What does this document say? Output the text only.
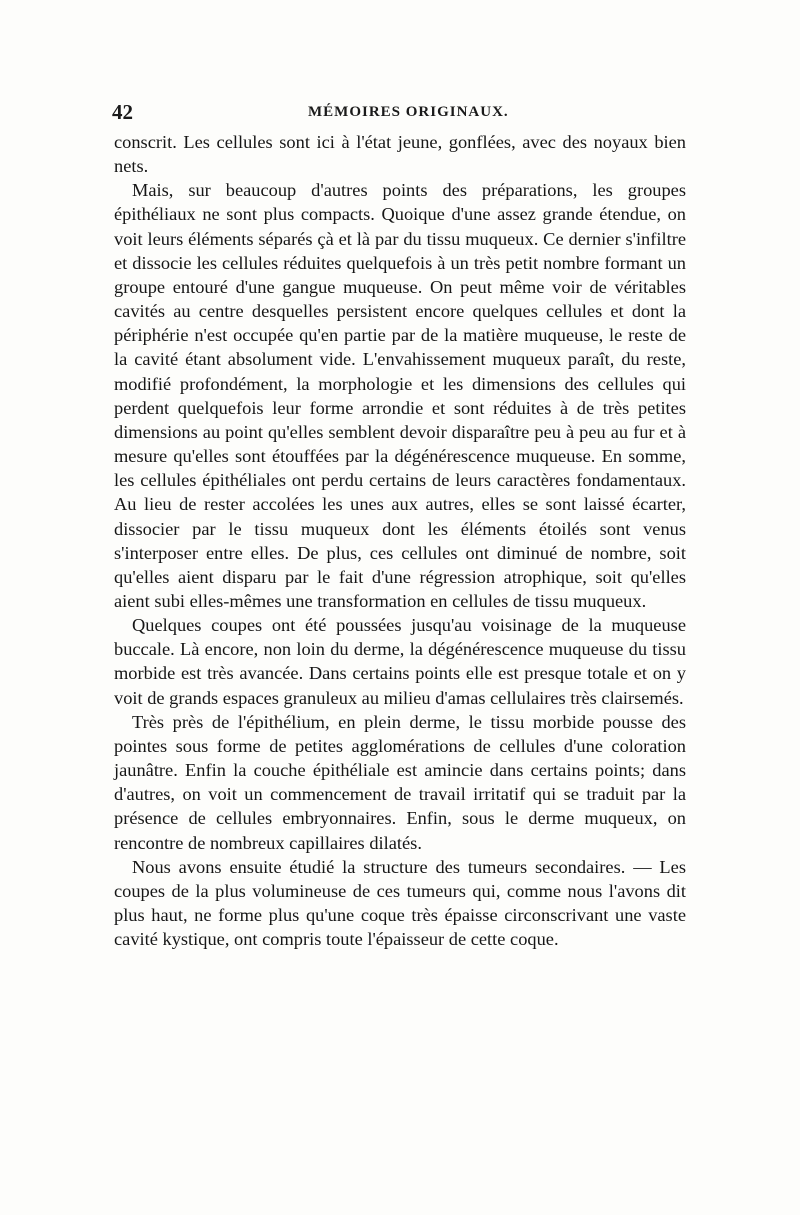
42	MÉMOIRES ORIGINAUX.

conscrit. Les cellules sont ici à l'état jeune, gonflées, avec des noyaux bien nets.

Mais, sur beaucoup d'autres points des préparations, les groupes épithéliaux ne sont plus compacts. Quoique d'une assez grande étendue, on voit leurs éléments séparés çà et là par du tissu muqueux. Ce dernier s'infiltre et dissocie les cellules réduites quelquefois à un très petit nombre formant un groupe entouré d'une gangue muqueuse. On peut même voir de véritables cavités au centre desquelles persistent encore quelques cellules et dont la périphérie n'est occupée qu'en partie par de la matière muqueuse, le reste de la cavité étant absolument vide. L'envahissement muqueux paraît, du reste, modifié profondément, la morphologie et les dimensions des cellules qui perdent quelquefois leur forme arrondie et sont réduites à de très petites dimensions au point qu'elles semblent devoir disparaître peu à peu au fur et à mesure qu'elles sont étouffées par la dégénérescence muqueuse. En somme, les cellules épithéliales ont perdu certains de leurs caractères fondamentaux. Au lieu de rester accolées les unes aux autres, elles se sont laissé écarter, dissocier par le tissu muqueux dont les éléments étoilés sont venus s'interposer entre elles. De plus, ces cellules ont diminué de nombre, soit qu'elles aient disparu par le fait d'une régression atrophique, soit qu'elles aient subi elles-mêmes une transformation en cellules de tissu muqueux.

Quelques coupes ont été poussées jusqu'au voisinage de la muqueuse buccale. Là encore, non loin du derme, la dégénérescence muqueuse du tissu morbide est très avancée. Dans certains points elle est presque totale et on y voit de grands espaces granuleux au milieu d'amas cellulaires très clairsemés.

Très près de l'épithélium, en plein derme, le tissu morbide pousse des pointes sous forme de petites agglomérations de cellules d'une coloration jaunâtre. Enfin la couche épithéliale est amincie dans certains points; dans d'autres, on voit un commencement de travail irritatif qui se traduit par la présence de cellules embryonnaires. Enfin, sous le derme muqueux, on rencontre de nombreux capillaires dilatés.

Nous avons ensuite étudié la structure des tumeurs secondaires. — Les coupes de la plus volumineuse de ces tumeurs qui, comme nous l'avons dit plus haut, ne forme plus qu'une coque très épaisse circonscrivant une vaste cavité kystique, ont compris toute l'épaisseur de cette coque.
